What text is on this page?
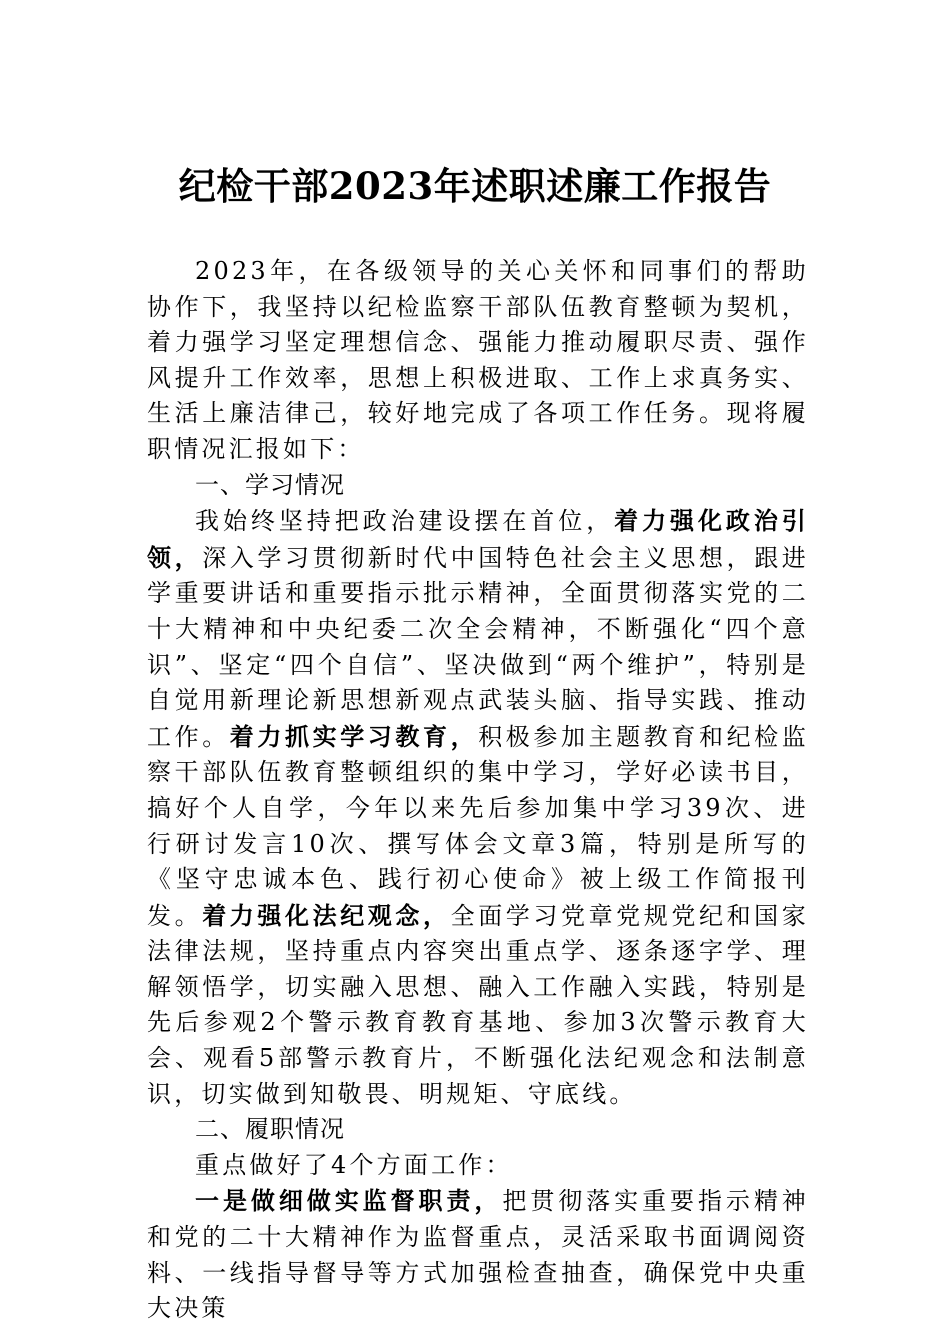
纪检干部2023年述职述廉工作报告

2023年，在各级领导的关心关怀和同事们的帮助协作下，我坚持以纪检监察干部队伍教育整顿为契机，着力强学习坚定理想信念、强能力推动履职尽责、强作风提升工作效率，思想上积极进取、工作上求真务实、生活上廉洁律己，较好地完成了各项工作任务。现将履职情况汇报如下：

一、学习情况

我始终坚持把政治建设摆在首位，着力强化政治引领，深入学习贯彻新时代中国特色社会主义思想，跟进学重要讲话和重要指示批示精神，全面贯彻落实党的二十大精神和中央纪委二次全会精神，不断强化“四个意识”、坚定“四个自信”、坚决做到“两个维护”，特别是自觉用新理论新思想新观点武装头脑、指导实践、推动工作。着力抓实学习教育，积极参加主题教育和纪检监察干部队伍教育整顿组织的集中学习，学好必读书目，搞好个人自学，今年以来先后参加集中学习39次、进行研讨发言10次、撰写体会文章3篇，特别是所写的《坚守忠诚本色、践行初心使命》被上级工作简报刊发。着力强化法纪观念，全面学习党章党规党纪和国家法律法规，坚持重点内容突出重点学、逐条逐字学、理解领悟学，切实融入思想、融入工作融入实践，特别是先后参观2个警示教育教育基地、参加3次警示教育大会、观看5部警示教育片，不断强化法纪观念和法制意识，切实做到知敬畏、明规矩、守底线。

二、履职情况

重点做好了4个方面工作：

一是做细做实监督职责，把贯彻落实重要指示精神和党的二十大精神作为监督重点，灵活采取书面调阅资料、一线指导督导等方式加强检查抽查，确保党中央重大决策
